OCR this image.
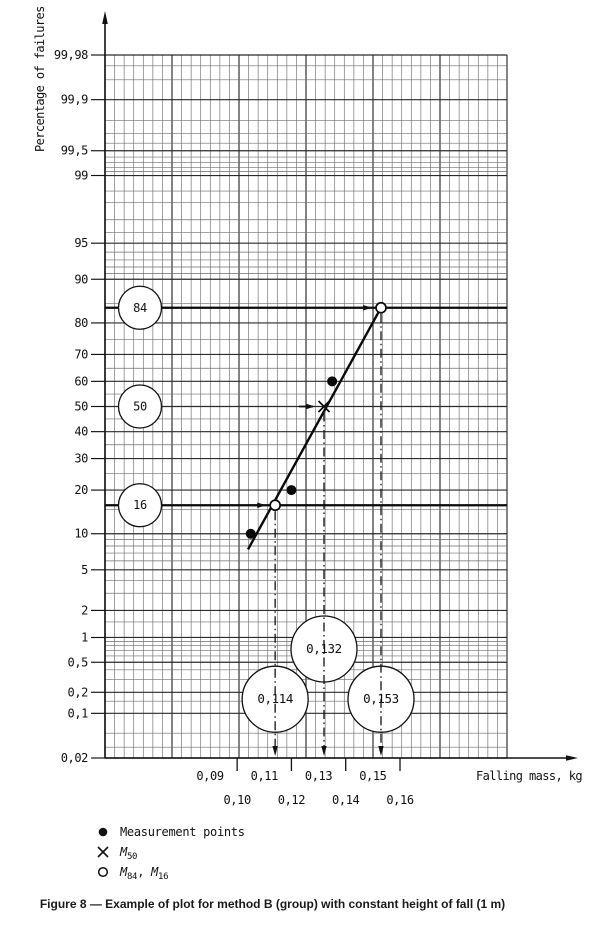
99,98
99,9
99,5
99
95
90
80
70
60
50
40
30
20
10
5
2
1
0,5
0,2
0,1
0,02
0,09
0,10
0,11
0,12
0,13
0,14
0,15
0,16
Falling mass, kg
Percentage of failures
84
50
16
0,114
0,132
0,153
Measurement points
$M_{50}$
$M_{84}$, $M_{16}$
Figure 8 — Example of plot for method B (group) with constant height of fall (1 m)
